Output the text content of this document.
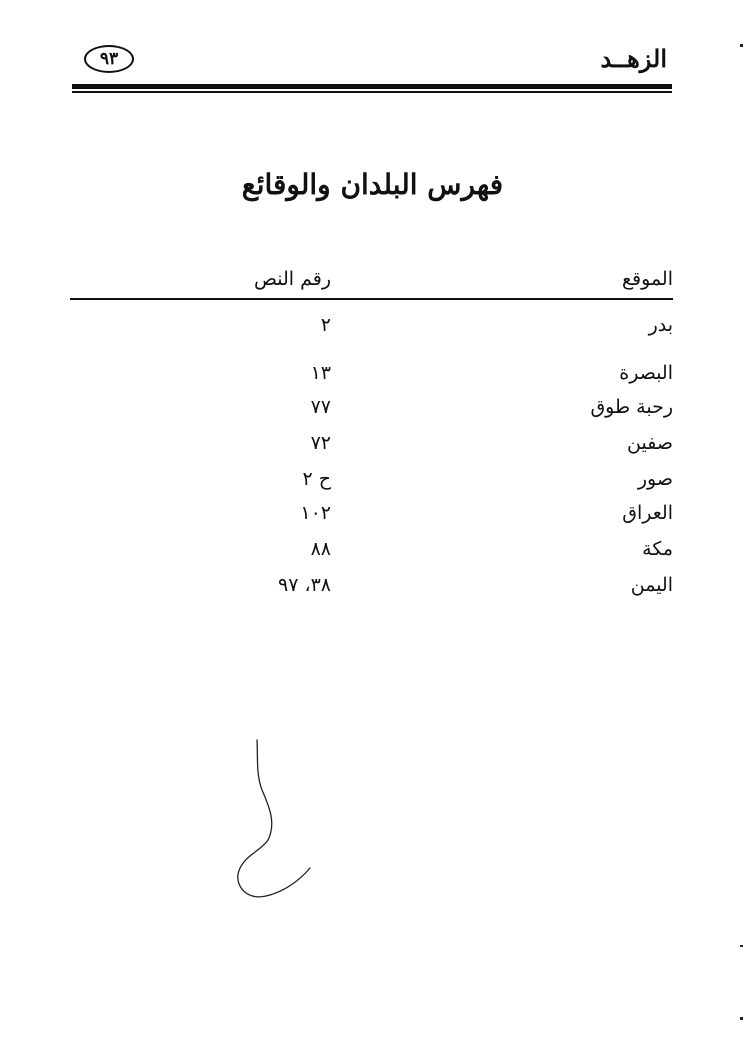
الزهــد
٩٣
فهرس البلدان والوقائع
الموقع
رقم النص
بدر
٢
البصرة
١٣
رحبة طوق
٧٧
صفين
٧٢
صور
ح ٢
العراق
١٠٢
مكة
٨٨
اليمن
٣٨، ٩٧
